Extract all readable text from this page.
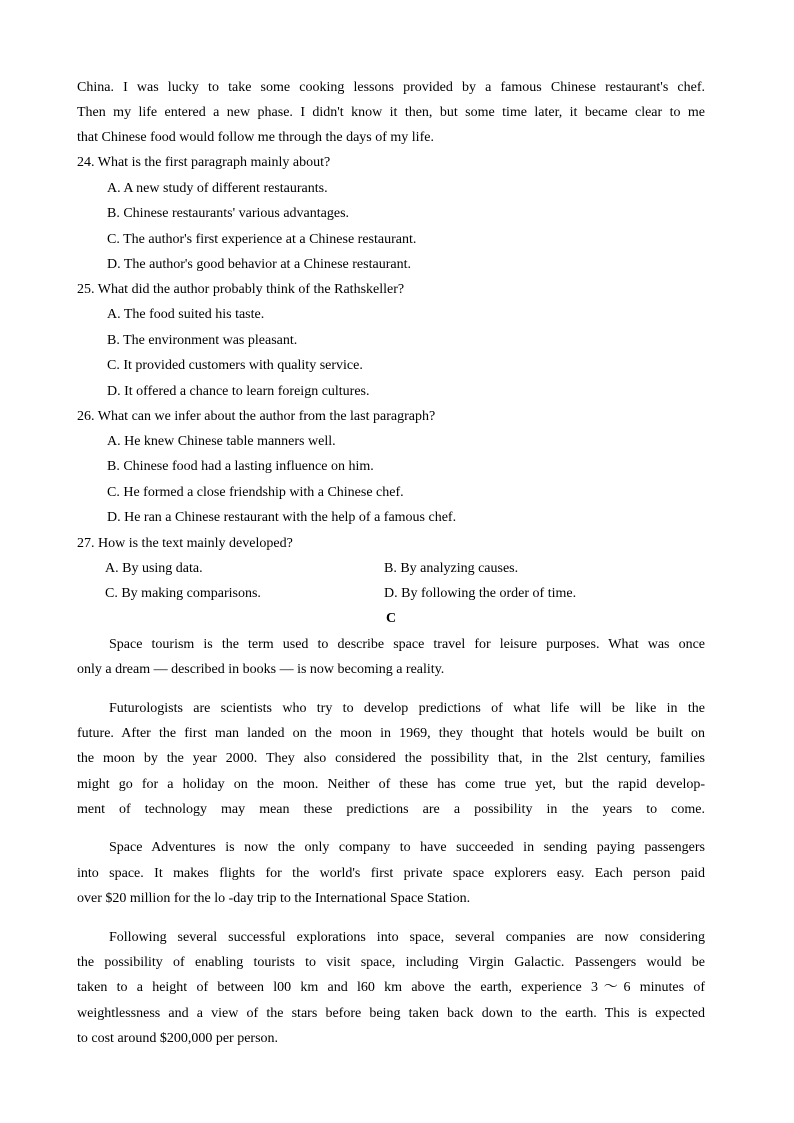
China. I was lucky to take some cooking lessons provided by a famous Chinese restaurant's chef.
Then my life entered a new phase. I didn't know it then, but some time later, it became clear to me
that Chinese food would follow me through the days of my life.
24. What is the first paragraph mainly about?
A. A new study of different restaurants.
B. Chinese restaurants' various advantages.
C. The author's first experience at a Chinese restaurant.
D. The author's good behavior at a Chinese restaurant.
25. What did the author probably think of the Rathskeller?
A. The food suited his taste.
B. The environment was pleasant.
C. It provided customers with quality service.
D. It offered a chance to learn foreign cultures.
26. What can we infer about the author from the last paragraph?
A. He knew Chinese table manners well.
B. Chinese food had a lasting influence on him.
C. He formed a close friendship with a Chinese chef.
D. He ran a Chinese restaurant with the help of a famous chef.
27. How is the text mainly developed?
A. By using data.	B. By analyzing causes.
C. By making comparisons.	D. By following the order of time.
C
Space tourism is the term used to describe space travel for leisure purposes. What was once
only a dream — described in books — is now becoming a reality.
Futurologists are scientists who try to develop predictions of what life will be like in the
future. After the first man landed on the moon in 1969, they thought that hotels would be built on
the moon by the year 2000. They also considered the possibility that, in the 2lst century, families
might go for a holiday on the moon. Neither of these has come true yet, but the rapid develop-
ment of technology may mean these predictions are a possibility in the years to come.
Space Adventures is now the only company to have succeeded in sending paying passengers
into space. It makes flights for the world's first private space explorers easy. Each person paid
over $20 million for the lo -day trip to the International Space Station.
Following several successful explorations into space, several companies are now considering
the possibility of enabling tourists to visit space, including Virgin Galactic. Passengers would be
taken to a height of between l00 km and l60 km above the earth, experience 3～6 minutes of
weightlessness and a view of the stars before being taken back down to the earth. This is expected
to cost around $200,000 per person.
